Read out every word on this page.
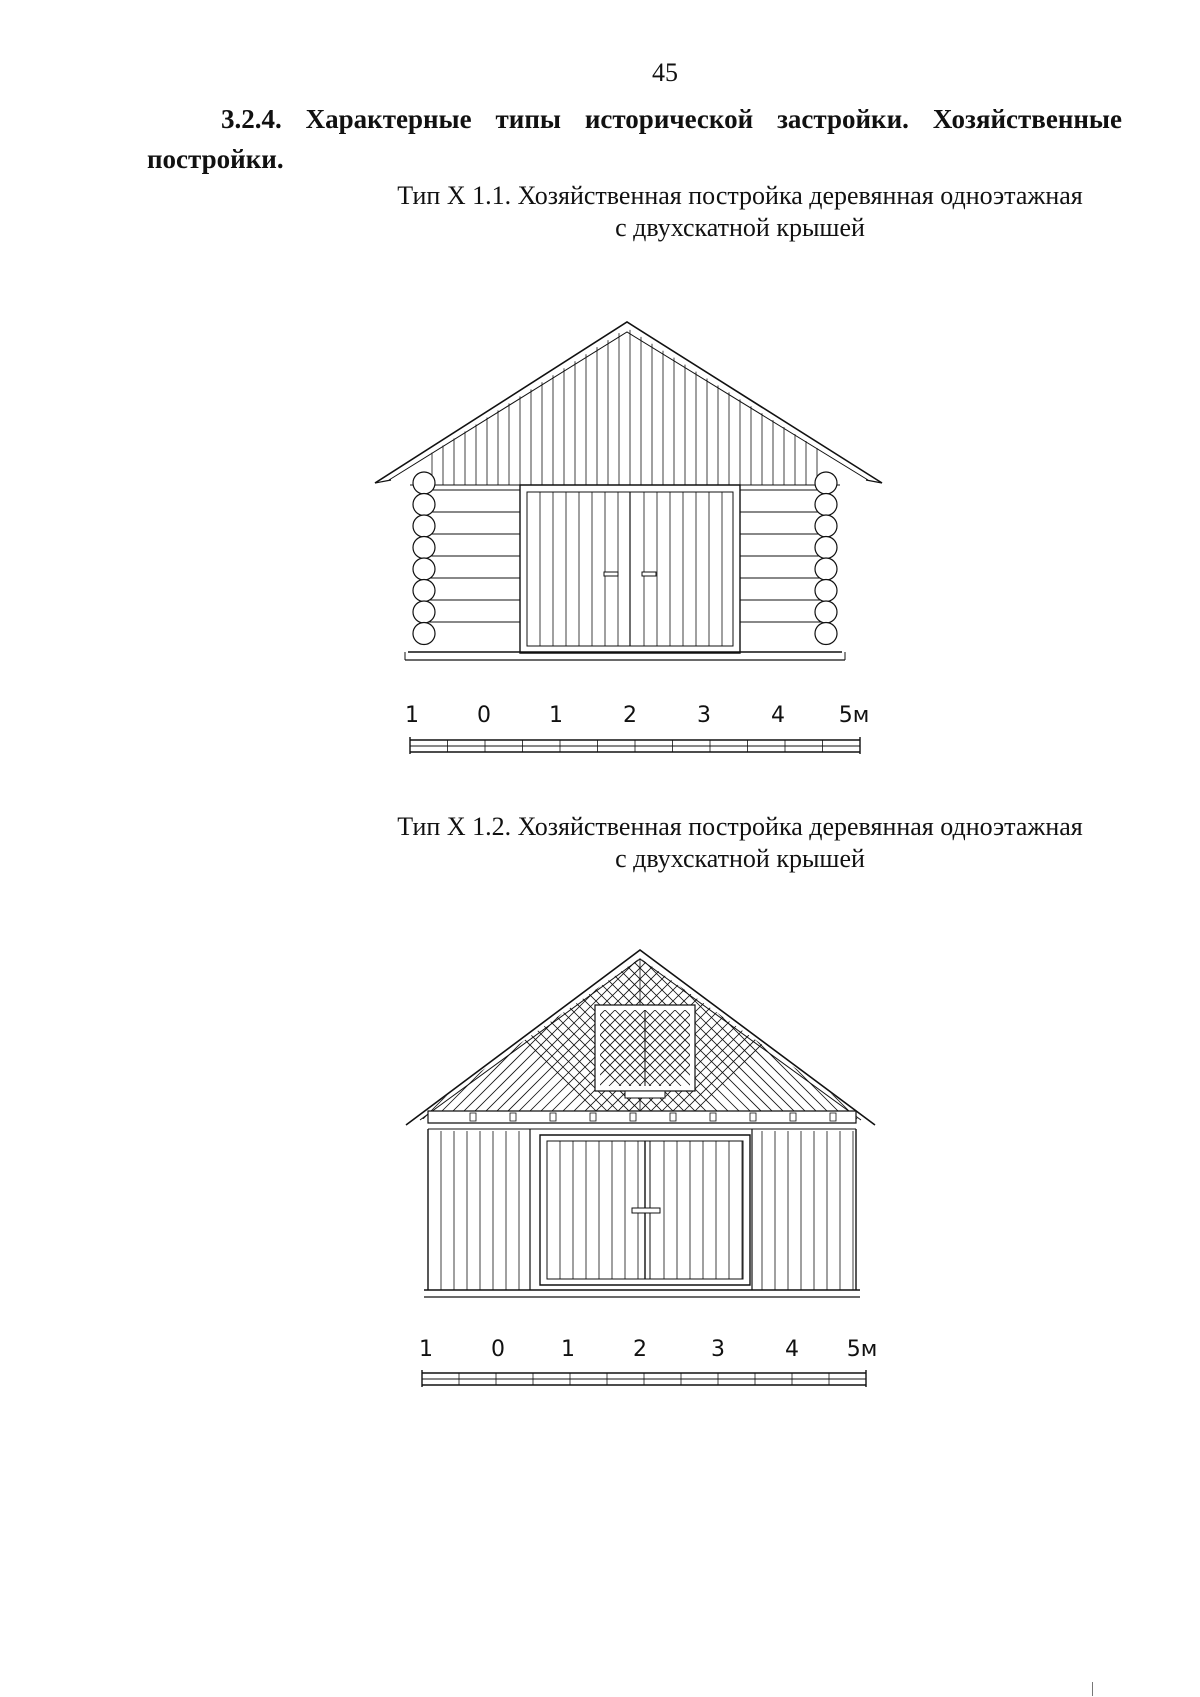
45
3.2.4. Характерные типы исторической застройки. Хозяйственные постройки.
Тип Х 1.1. Хозяйственная постройка деревянная одноэтажная
с двухскатной крышей
1	0	1	2	3	4 5м
Тип Х 1.2. Хозяйственная постройка деревянная одноэтажная
с двухскатной крышей
1	0	1	2	3	4 5м
